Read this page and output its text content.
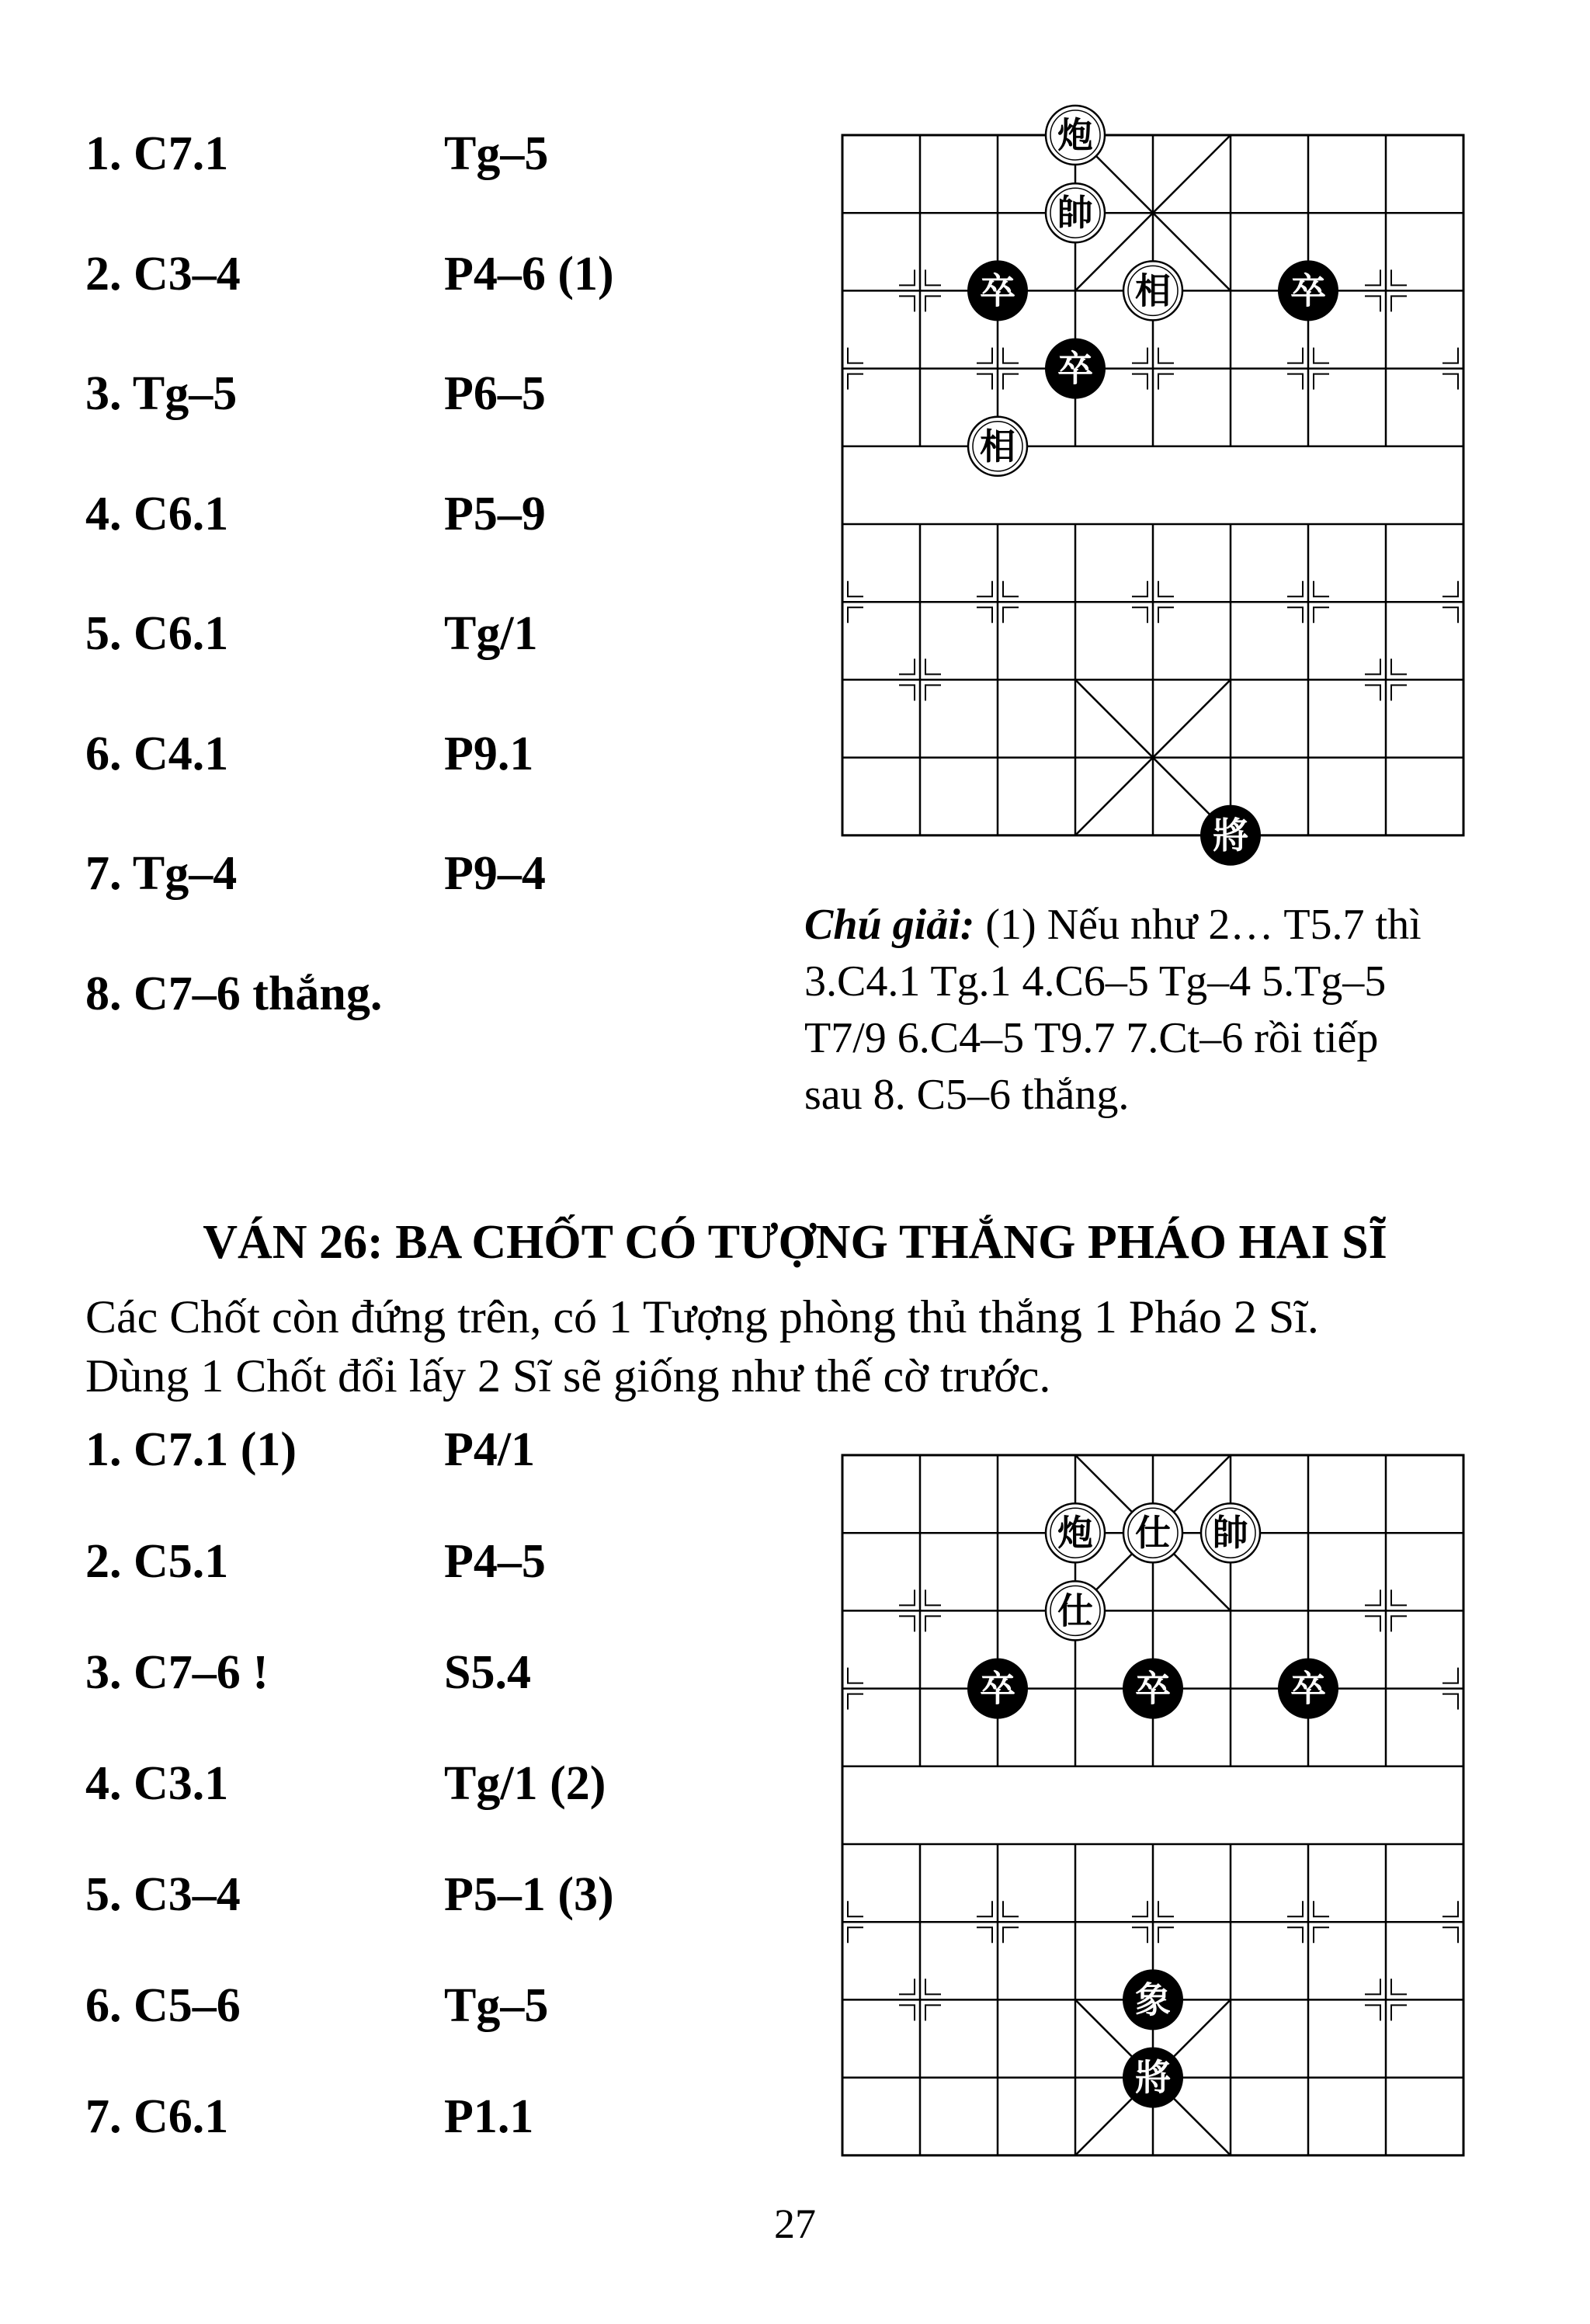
1. C7.1	Tg–5
2. C3–4	P4–6 (1)
3. Tg–5	P6–5
4. C6.1	P5–9
5. C6.1	Tg/1
6. C4.1	P9.1
7. Tg–4	P9–4
8. C7–6 thắng.
炮
帥
卒	相	卒
卒
相
將
Chú giải: (1) Nếu như 2… T5.7 thì
3.C4.1 Tg.1 4.C6–5 Tg–4 5.Tg–5
T7/9 6.C4–5 T9.7 7.Ct–6 rồi tiếp
sau 8. C5–6 thắng.
VÁN 26: BA CHỐT CÓ TƯỢNG THẮNG PHÁO HAI SĨ
Các Chốt còn đứng trên, có 1 Tượng phòng thủ thắng 1 Pháo 2 Sĩ.
Dùng 1 Chốt đổi lấy 2 Sĩ sẽ giống như thế cờ trước.
1. C7.1 (1)	P4/1
2. C5.1	P4–5
3. C7–6 !	S5.4
4. C3.1	Tg/1 (2)
5. C3–4	P5–1 (3)
6. C5–6	Tg–5
7. C6.1	P1.1
炮 仕 帥
仕
卒	卒	卒
象
將
27
